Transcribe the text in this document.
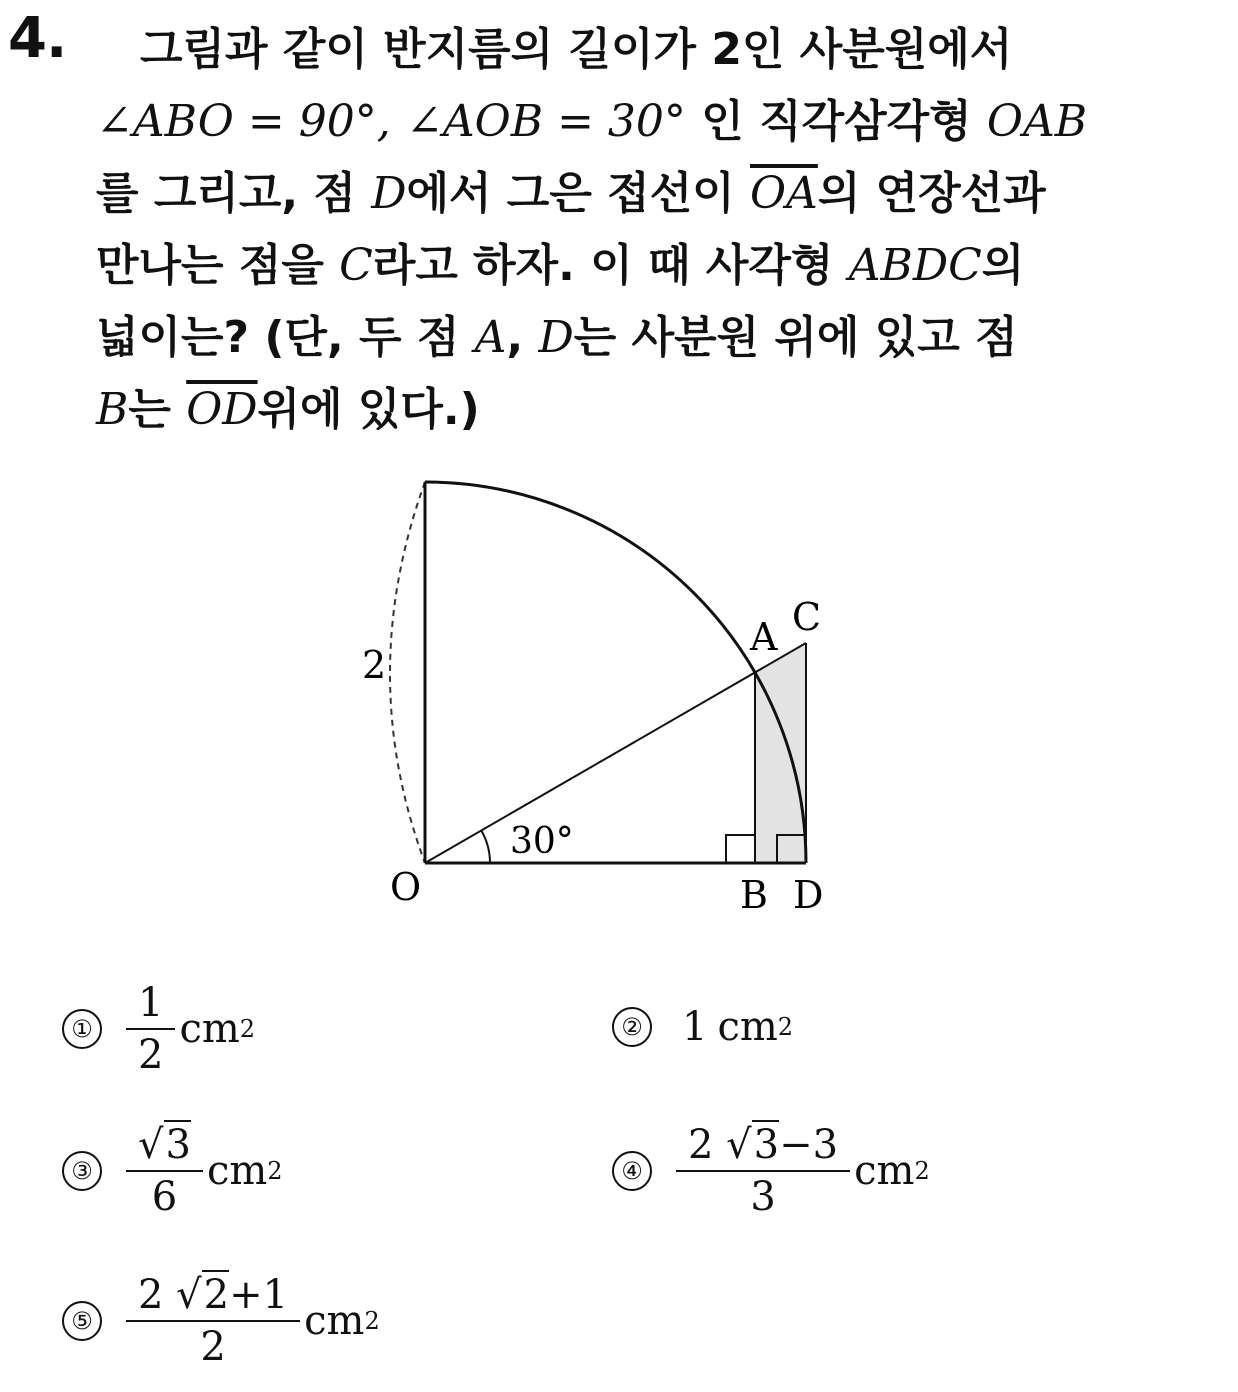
4.	그림과 같이 반지름의 길이가 2인 사분원에서
∠ABO = 90°, ∠AOB = 30° 인 직각삼각형 OAB
를 그리고, 점 D에서 그은 접선이 $\overline{OA}$의 연장선과
만나는 점을 C라고 하자. 이 때 사각형 ABDC의
넓이는? (단, 두 점 A, D는 사분원 위에 있고 점
B는 $\overline{OD}$위에 있다.)
2
30°
O
A C
B D
① $\frac{1}{2}$ cm 2	② 1 cm 2
③ $\frac{√3}{6}$ cm 2	④ $\frac{2 √3-3}{3}$ cm 2
⑤ $\frac{2 √2+1}{2}$ cm 2
